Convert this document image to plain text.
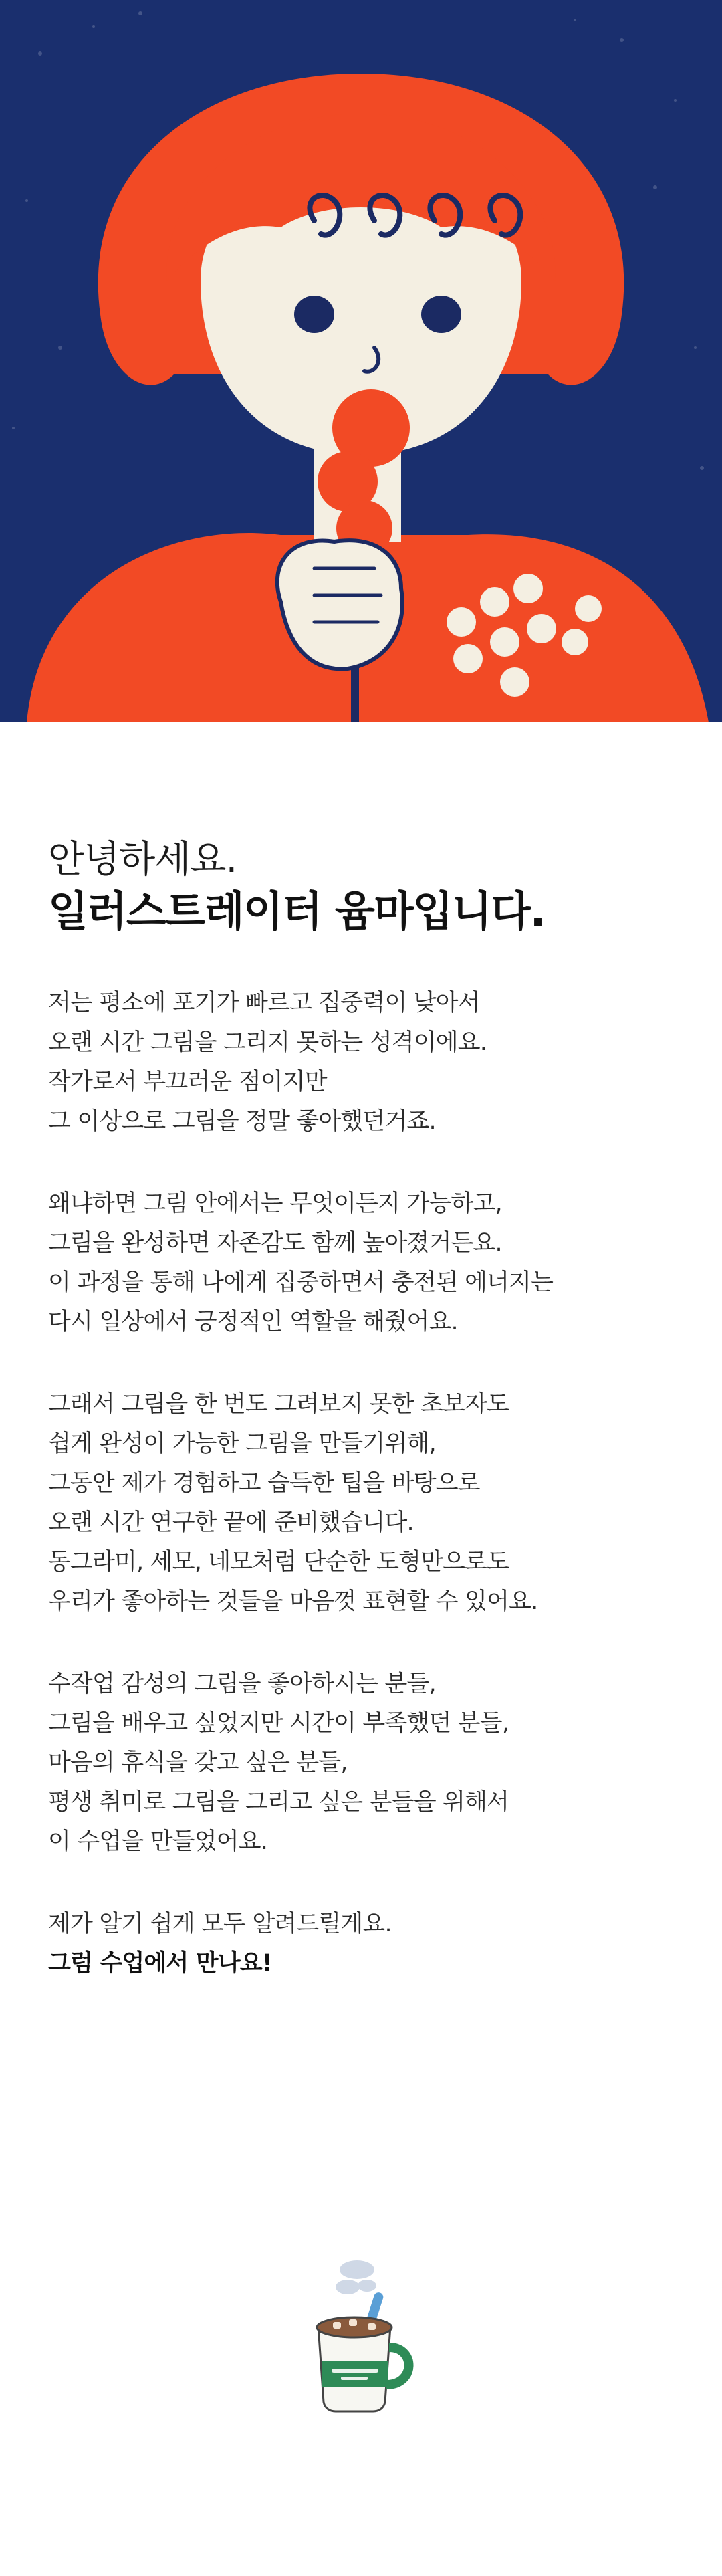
안녕하세요.

일러스트레이터 윰마입니다.

저는 평소에 포기가 빠르고 집중력이 낮아서

오랜 시간 그림을 그리지 못하는 성격이에요.

작가로서 부끄러운 점이지만

그 이상으로 그림을 정말 좋아했던거죠.

왜냐하면 그림 안에서는 무엇이든지 가능하고,

그림을 완성하면 자존감도 함께 높아졌거든요.

이 과정을 통해 나에게 집중하면서 충전된 에너지는

다시 일상에서 긍정적인 역할을 해줬어요.

그래서 그림을 한 번도 그려보지 못한 초보자도

쉽게 완성이 가능한 그림을 만들기위해,

그동안 제가 경험하고 습득한 팁을 바탕으로

오랜 시간 연구한 끝에 준비했습니다.

동그라미, 세모, 네모처럼 단순한 도형만으로도

우리가 좋아하는 것들을 마음껏 표현할 수 있어요.

수작업 감성의 그림을 좋아하시는 분들,

그림을 배우고 싶었지만 시간이 부족했던 분들,

마음의 휴식을 갖고 싶은 분들,

평생 취미로 그림을 그리고 싶은 분들을 위해서

이 수업을 만들었어요.

제가 알기 쉽게 모두 알려드릴게요.

그럼 수업에서 만나요!
